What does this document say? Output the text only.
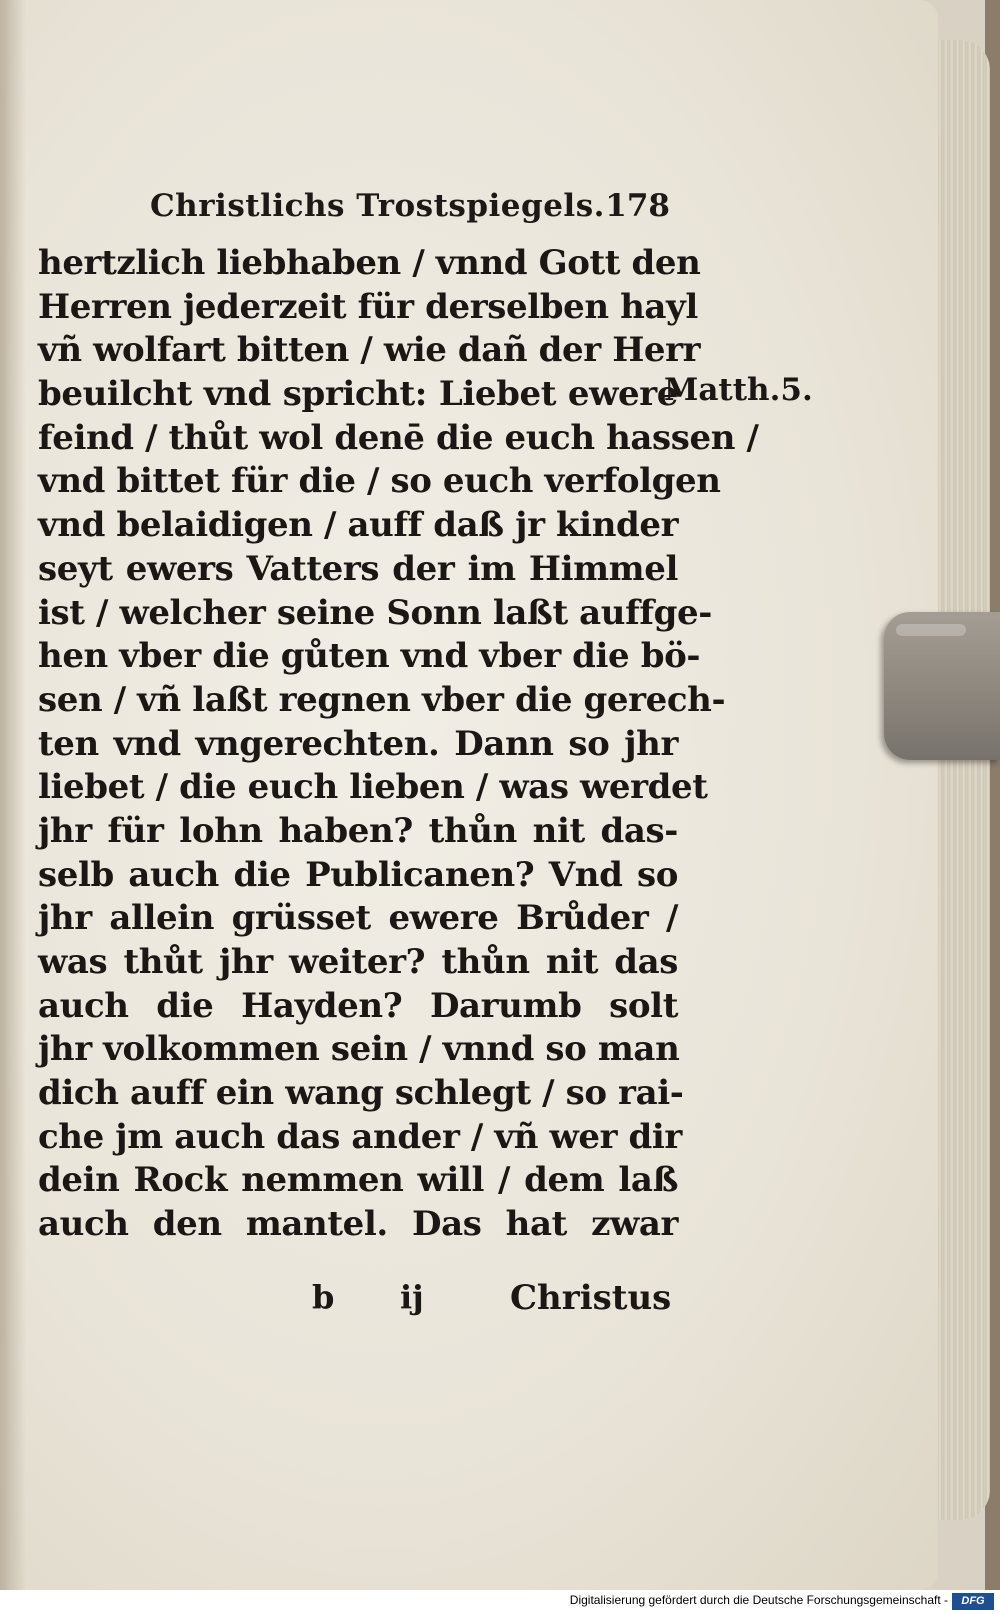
Christlichs Trostspiegels. 178
hertzlich liebhaben / vnnd Gott den
Herren jederzeit für derselben hayl
vñ wolfart bitten / wie dañ der Herr
beuilcht vnd spricht: Liebet ewere
feind / thůt wol denē die euch hassen /
vnd bittet für die / so euch verfolgen
vnd belaidigen / auff daß jr kinder
seyt ewers Vatters der im Himmel
ist / welcher seine Sonn laßt auffge-
hen vber die gůten vnd vber die bö-
sen / vñ laßt regnen vber die gerech-
ten vnd vngerechten. Dann so jhr
liebet / die euch lieben / was werdet
jhr für lohn haben? thůn nit das-
selb auch die Publicanen? Vnd so
jhr allein grüsset ewere Brůder /
was thůt jhr weiter? thůn nit das
auch die Hayden? Darumb solt
jhr volkommen sein / vnnd so man
dich auff ein wang schlegt / so rai-
che jm auch das ander / vñ wer dir
dein Rock nemmen will / dem laß
auch den mantel. Das hat zwar
Matth.5.
b ij	Christus
Digitalisierung gefördert durch die Deutsche Forschungsgemeinschaft -	DFG
